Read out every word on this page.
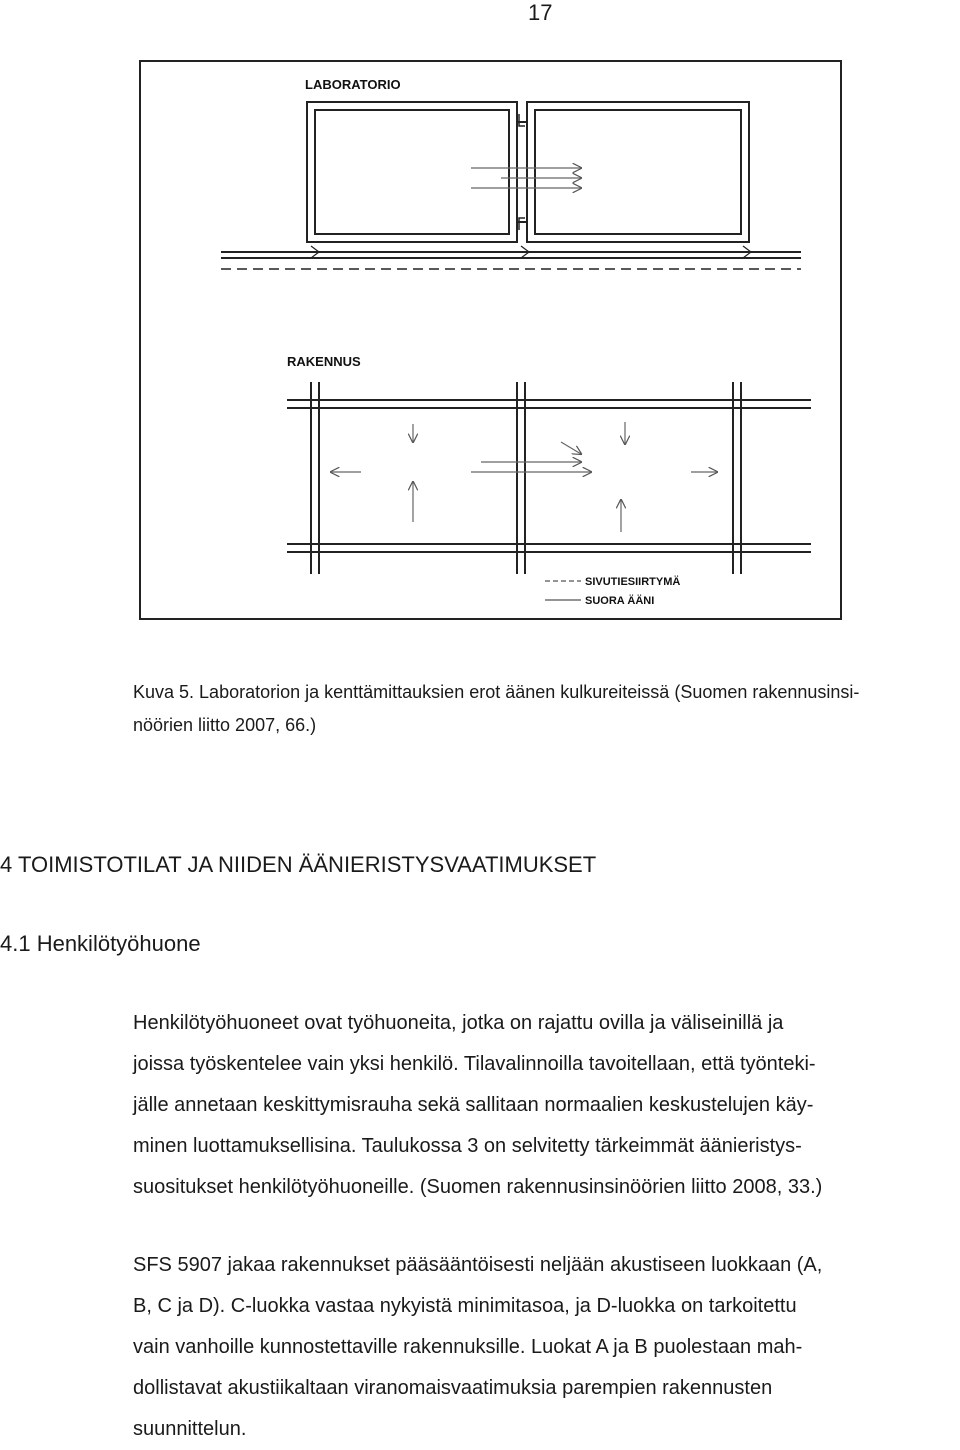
17
LABORATORIO
RAKENNUS
SIVUTIESIIRTYMÄ
SUORA ÄÄNI
Kuva 5. Laboratorion ja kenttämittauksien erot äänen kulkureiteissä (Suomen rakennusinsi-
nöörien liitto 2007, 66.)
4 TOIMISTOTILAT JA NIIDEN ÄÄNIERISTYSVAATIMUKSET
4.1 Henkilötyöhuone
Henkilötyöhuoneet ovat työhuoneita, jotka on rajattu ovilla ja väliseinillä ja
joissa työskentelee vain yksi henkilö. Tilavalinnoilla tavoitellaan, että työnteki-
jälle annetaan keskittymisrauha sekä sallitaan normaalien keskustelujen käy-
minen luottamuksellisina. Taulukossa 3 on selvitetty tärkeimmät äänieristys-
suositukset henkilötyöhuoneille. (Suomen rakennusinsinöörien liitto 2008, 33.)
SFS 5907 jakaa rakennukset pääsääntöisesti neljään akustiseen luokkaan (A,
B, C ja D). C-luokka vastaa nykyistä minimitasoa, ja D-luokka on tarkoitettu
vain vanhoille kunnostettaville rakennuksille. Luokat A ja B puolestaan mah-
dollistavat akustiikaltaan viranomaisvaatimuksia parempien rakennusten
suunnittelun.
